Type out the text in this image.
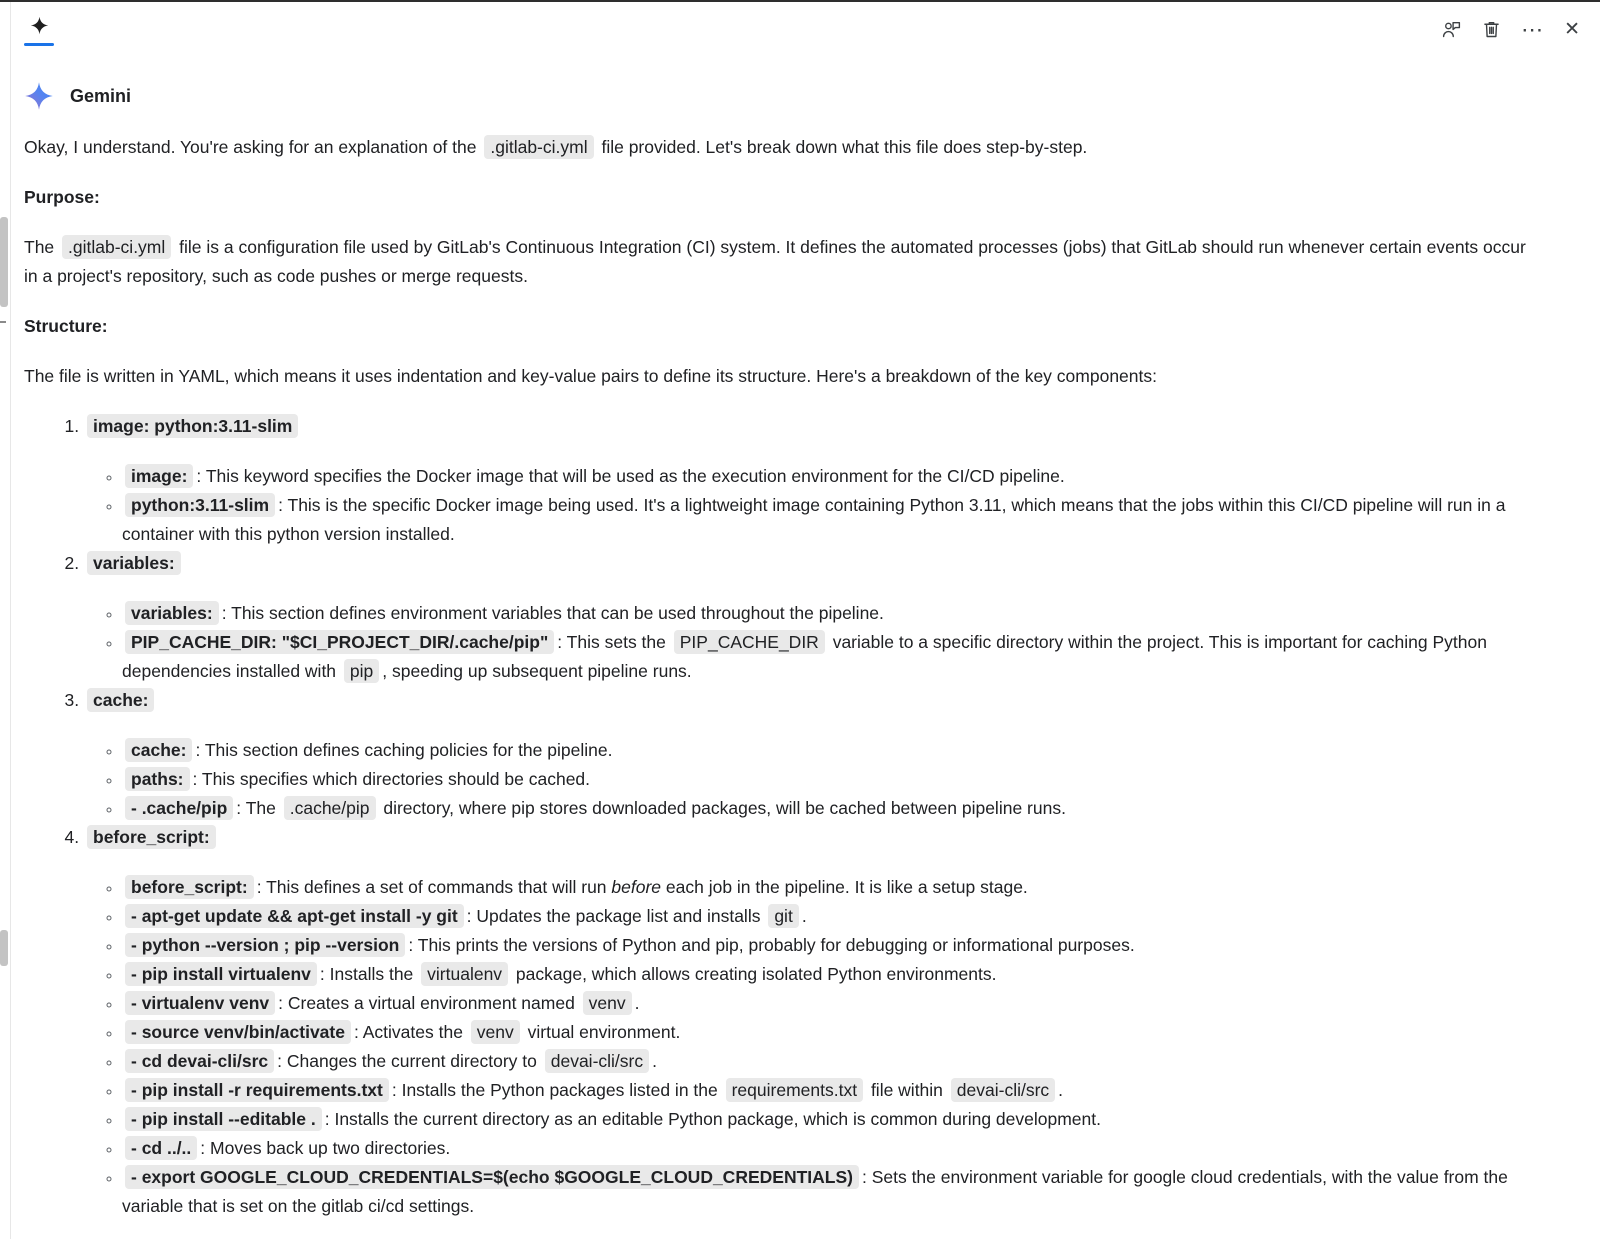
⋯ ✕
Gemini

Okay, I understand. You're asking for an explanation of the .gitlab-ci.yml file provided. Let's break down what this file does step-by-step.

Purpose:

The .gitlab-ci.yml file is a configuration file used by GitLab's Continuous Integration (CI) system. It defines the automated processes (jobs) that GitLab should run whenever certain events occur in a project's repository, such as code pushes or merge requests.

Structure:

The file is written in YAML, which means it uses indentation and key-value pairs to define its structure. Here's a breakdown of the key components:

1. image: python:3.11-slim
◦ image: : This keyword specifies the Docker image that will be used as the execution environment for the CI/CD pipeline.
◦ python:3.11-slim : This is the specific Docker image being used. It's a lightweight image containing Python 3.11, which means that the jobs within this CI/CD pipeline will run in a container with this python version installed.
2. variables:
◦ variables: : This section defines environment variables that can be used throughout the pipeline.
◦ PIP_CACHE_DIR: "$CI_PROJECT_DIR/.cache/pip" : This sets the PIP_CACHE_DIR variable to a specific directory within the project. This is important for caching Python dependencies installed with pip , speeding up subsequent pipeline runs.
3. cache:
◦ cache: : This section defines caching policies for the pipeline.
◦ paths: : This specifies which directories should be cached.
◦ - .cache/pip : The .cache/pip directory, where pip stores downloaded packages, will be cached between pipeline runs.
4. before_script:
◦ before_script: : This defines a set of commands that will run before each job in the pipeline. It is like a setup stage.
◦ - apt-get update && apt-get install -y git : Updates the package list and installs git .
◦ - python --version ; pip --version : This prints the versions of Python and pip, probably for debugging or informational purposes.
◦ - pip install virtualenv : Installs the virtualenv package, which allows creating isolated Python environments.
◦ - virtualenv venv : Creates a virtual environment named venv .
◦ - source venv/bin/activate : Activates the venv virtual environment.
◦ - cd devai-cli/src : Changes the current directory to devai-cli/src .
◦ - pip install -r requirements.txt : Installs the Python packages listed in the requirements.txt file within devai-cli/src .
◦ - pip install --editable . : Installs the current directory as an editable Python package, which is common during development.
◦ - cd ../.. : Moves back up two directories.
◦ - export GOOGLE_CLOUD_CREDENTIALS=$(echo $GOOGLE_CLOUD_CREDENTIALS) : Sets the environment variable for google cloud credentials, with the value from the variable that is set on the gitlab ci/cd settings.
